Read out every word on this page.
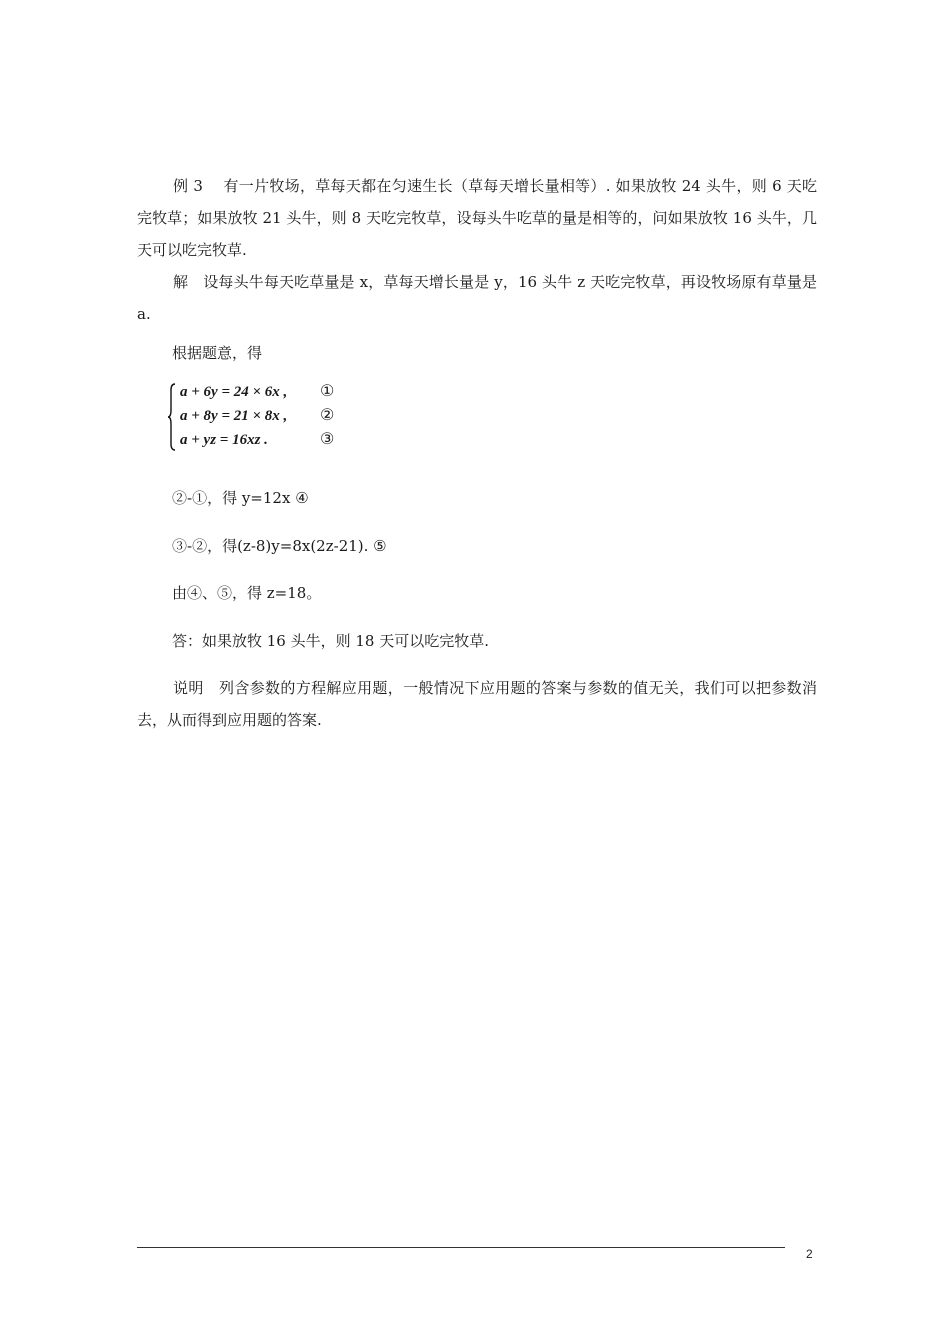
例 3　 有一片牧场，草每天都在匀速生长（草每天增长量相等）. 如果放牧 24 头牛，则 6 天吃完牧草；如果放牧 21 头牛，则 8 天吃完牧草，设每头牛吃草的量是相等的，问如果放牧 16 头牛，几天可以吃完牧草.

解　设每头牛每天吃草量是 x，草每天增长量是 y，16 头牛 z 天吃完牧草，再设牧场原有草量是 a.

根据题意，得

a + 6y = 24 × 6x , ①
a + 8y = 21 × 8x , ②
a + yz = 16xz .	③

②-①，得 y=12x ④

③-②，得(z-8)y=8x(2z-21). ⑤

由④、⑤，得 z=18。

答：如果放牧 16 头牛，则 18 天可以吃完牧草.

说明　列含参数的方程解应用题，一般情况下应用题的答案与参数的值无关，我们可以把参数消去，从而得到应用题的答案.

2
